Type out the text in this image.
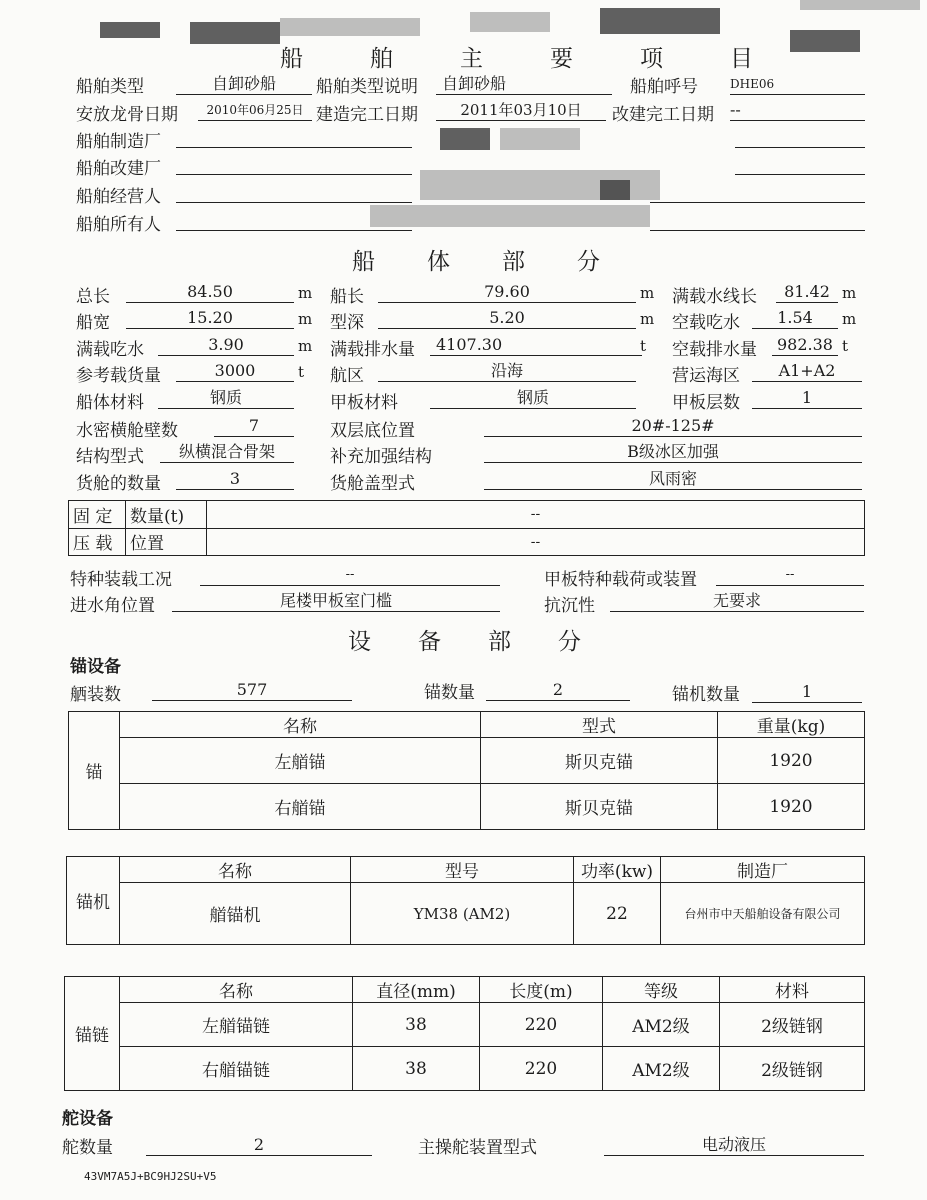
船	舶	主	要	项	目
船舶类型	自卸砂船	船舶类型说明	自卸砂船	船舶呼号	DHE06
安放龙骨日期	2010年06月25日 建造完工日期	2011年03月10日	改建完工日期 --
船舶制造厂
船舶改建厂
船舶经营人
船舶所有人
船 体 部 分
总长	84.50	m 船长	79.60	m 满载水线长	81.42 m
船宽	15.20	m 型深	5.20	m 空载吃水	1.54	m
满载吃水	3.90	m 满载排水量	4107.30	t 空载排水量	982.38 t
参考载货量	3000	t 航区	沿海	营运海区	A1+A2
船体材料	钢质	甲板材料	钢质	甲板层数	1
水密横舱壁数	7	双层底位置	20#-125#
结构型式	纵横混合骨架	补充加强结构	B级冰区加强
货舱的数量	3	货舱盖型式	风雨密
固 定	数量(t)	--
压 载	位置	--
特种装载工况	--	甲板特种载荷或装置	--
进水角位置	尾楼甲板室门槛	抗沉性	无要求
设 备 部 分
锚设备
舾装数	577	锚数量	2	锚机数量	1
锚	名称	型式	重量(kg)
	左艏锚	斯贝克锚	1920
	右艏锚	斯贝克锚	1920
锚机	名称	型号	功率(kw)	制造厂
	艏锚机	YM38 (AM2)	22	台州市中天船舶设备有限公司
锚链	名称	直径(mm)	长度(m)	等级	材料
	左艏锚链	38	220	AM2级	2级链钢
	右艏锚链	38	220	AM2级	2级链钢
舵设备
舵数量	2	主操舵装置型式	电动液压
43VM7A5J+BC9HJ2SU+V5
